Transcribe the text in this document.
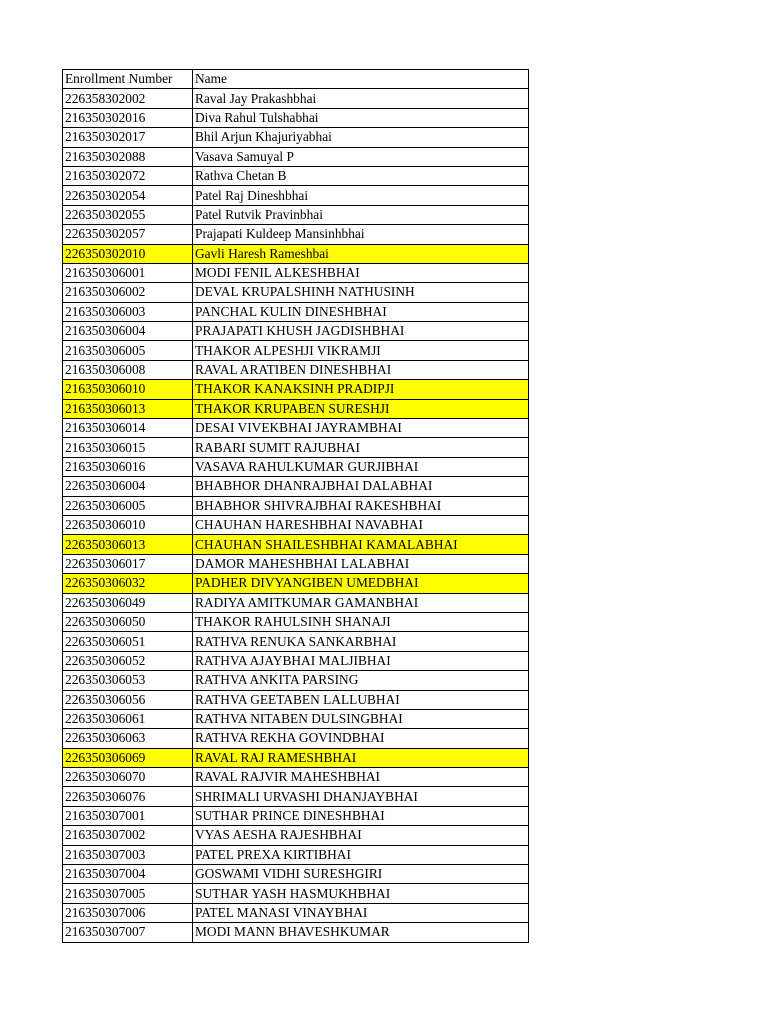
Enrollment Number	Name
226358302002	Raval Jay Prakashbhai
216350302016	Diva Rahul Tulshabhai
216350302017	Bhil Arjun Khajuriyabhai
216350302088	Vasava Samuyal P
216350302072	Rathva Chetan B
226350302054	Patel Raj Dineshbhai
226350302055	Patel Rutvik Pravinbhai
226350302057	Prajapati Kuldeep Mansinhbhai
226350302010	Gavli Haresh Rameshbai
216350306001	MODI FENIL ALKESHBHAI
216350306002	DEVAL KRUPALSHINH NATHUSINH
216350306003	PANCHAL KULIN DINESHBHAI
216350306004	PRAJAPATI KHUSH JAGDISHBHAI
216350306005	THAKOR ALPESHJI VIKRAMJI
216350306008	RAVAL ARATIBEN DINESHBHAI
216350306010	THAKOR KANAKSINH PRADIPJI
216350306013	THAKOR KRUPABEN SURESHJI
216350306014	DESAI VIVEKBHAI JAYRAMBHAI
216350306015	RABARI SUMIT RAJUBHAI
216350306016	VASAVA RAHULKUMAR GURJIBHAI
226350306004	BHABHOR DHANRAJBHAI DALABHAI
226350306005	BHABHOR SHIVRAJBHAI RAKESHBHAI
226350306010	CHAUHAN HARESHBHAI NAVABHAI
226350306013	CHAUHAN SHAILESHBHAI KAMALABHAI
226350306017	DAMOR MAHESHBHAI LALABHAI
226350306032	PADHER DIVYANGIBEN UMEDBHAI
226350306049	RADIYA AMITKUMAR GAMANBHAI
226350306050	THAKOR RAHULSINH SHANAJI
226350306051	RATHVA RENUKA SANKARBHAI
226350306052	RATHVA AJAYBHAI MALJIBHAI
226350306053	RATHVA ANKITA PARSING
226350306056	RATHVA GEETABEN LALLUBHAI
226350306061	RATHVA NITABEN DULSINGBHAI
226350306063	RATHVA REKHA GOVINDBHAI
226350306069	RAVAL RAJ RAMESHBHAI
226350306070	RAVAL RAJVIR MAHESHBHAI
226350306076	SHRIMALI URVASHI DHANJAYBHAI
216350307001	SUTHAR PRINCE DINESHBHAI
216350307002	VYAS AESHA RAJESHBHAI
216350307003	PATEL PREXA KIRTIBHAI
216350307004	GOSWAMI VIDHI SURESHGIRI
216350307005	SUTHAR YASH HASMUKHBHAI
216350307006	PATEL MANASI VINAYBHAI
216350307007	MODI MANN BHAVESHKUMAR
